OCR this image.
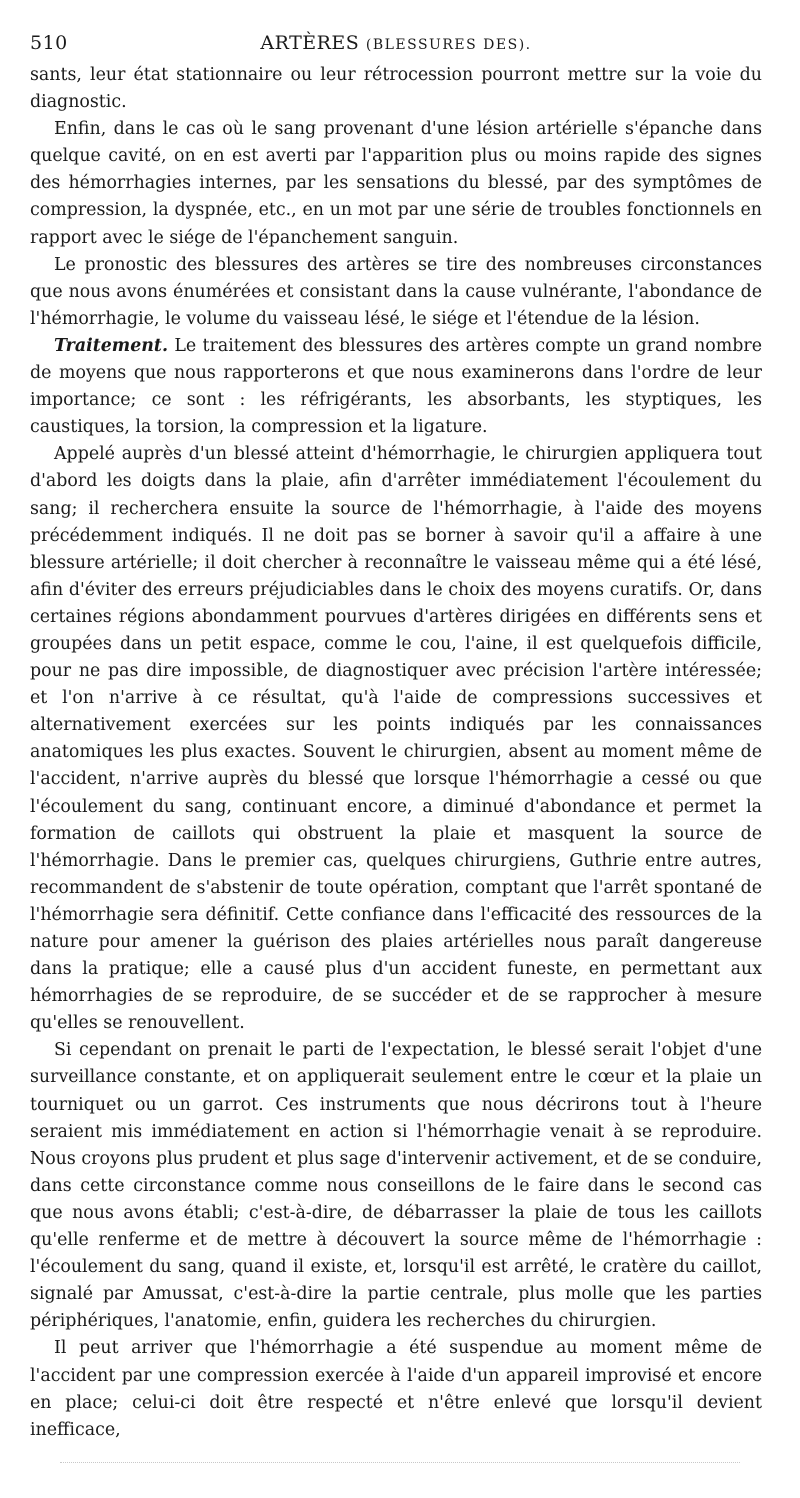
510	ARTÈRES (BLESSURES DES).

sants, leur état stationnaire ou leur rétrocession pourront mettre sur la voie du diagnostic.

Enfin, dans le cas où le sang provenant d'une lésion artérielle s'épanche dans quelque cavité, on en est averti par l'apparition plus ou moins rapide des signes des hémorrhagies internes, par les sensations du blessé, par des symptômes de compression, la dyspnée, etc., en un mot par une série de troubles fonctionnels en rapport avec le siége de l'épanchement sanguin.

Le pronostic des blessures des artères se tire des nombreuses circonstances que nous avons énumérées et consistant dans la cause vulnérante, l'abondance de l'hémorrhagie, le volume du vaisseau lésé, le siége et l'étendue de la lésion.

Traitement. Le traitement des blessures des artères compte un grand nombre de moyens que nous rapporterons et que nous examinerons dans l'ordre de leur importance; ce sont : les réfrigérants, les absorbants, les styptiques, les caustiques, la torsion, la compression et la ligature.

Appelé auprès d'un blessé atteint d'hémorrhagie, le chirurgien appliquera tout d'abord les doigts dans la plaie, afin d'arrêter immédiatement l'écoulement du sang; il recherchera ensuite la source de l'hémorrhagie, à l'aide des moyens précédemment indiqués. Il ne doit pas se borner à savoir qu'il a affaire à une blessure artérielle; il doit chercher à reconnaître le vaisseau même qui a été lésé, afin d'éviter des erreurs préjudiciables dans le choix des moyens curatifs. Or, dans certaines régions abondamment pourvues d'artères dirigées en différents sens et groupées dans un petit espace, comme le cou, l'aine, il est quelquefois difficile, pour ne pas dire impossible, de diagnostiquer avec précision l'artère intéressée; et l'on n'arrive à ce résultat, qu'à l'aide de compressions successives et alternativement exercées sur les points indiqués par les connaissances anatomiques les plus exactes. Souvent le chirurgien, absent au moment même de l'accident, n'arrive auprès du blessé que lorsque l'hémorrhagie a cessé ou que l'écoulement du sang, continuant encore, a diminué d'abondance et permet la formation de caillots qui obstruent la plaie et masquent la source de l'hémorrhagie. Dans le premier cas, quelques chirurgiens, Guthrie entre autres, recommandent de s'abstenir de toute opération, comptant que l'arrêt spontané de l'hémorrhagie sera définitif. Cette confiance dans l'efficacité des ressources de la nature pour amener la guérison des plaies artérielles nous paraît dangereuse dans la pratique; elle a causé plus d'un accident funeste, en permettant aux hémorrhagies de se reproduire, de se succéder et de se rapprocher à mesure qu'elles se renouvellent.

Si cependant on prenait le parti de l'expectation, le blessé serait l'objet d'une surveillance constante, et on appliquerait seulement entre le cœur et la plaie un tourniquet ou un garrot. Ces instruments que nous décrirons tout à l'heure seraient mis immédiatement en action si l'hémorrhagie venait à se reproduire. Nous croyons plus prudent et plus sage d'intervenir activement, et de se conduire, dans cette circonstance comme nous conseillons de le faire dans le second cas que nous avons établi; c'est-à-dire, de débarrasser la plaie de tous les caillots qu'elle renferme et de mettre à découvert la source même de l'hémorrhagie : l'écoulement du sang, quand il existe, et, lorsqu'il est arrêté, le cratère du caillot, signalé par Amussat, c'est-à-dire la partie centrale, plus molle que les parties périphériques, l'anatomie, enfin, guidera les recherches du chirurgien.

Il peut arriver que l'hémorrhagie a été suspendue au moment même de l'accident par une compression exercée à l'aide d'un appareil improvisé et encore en place; celui-ci doit être respecté et n'être enlevé que lorsqu'il devient inefficace,
